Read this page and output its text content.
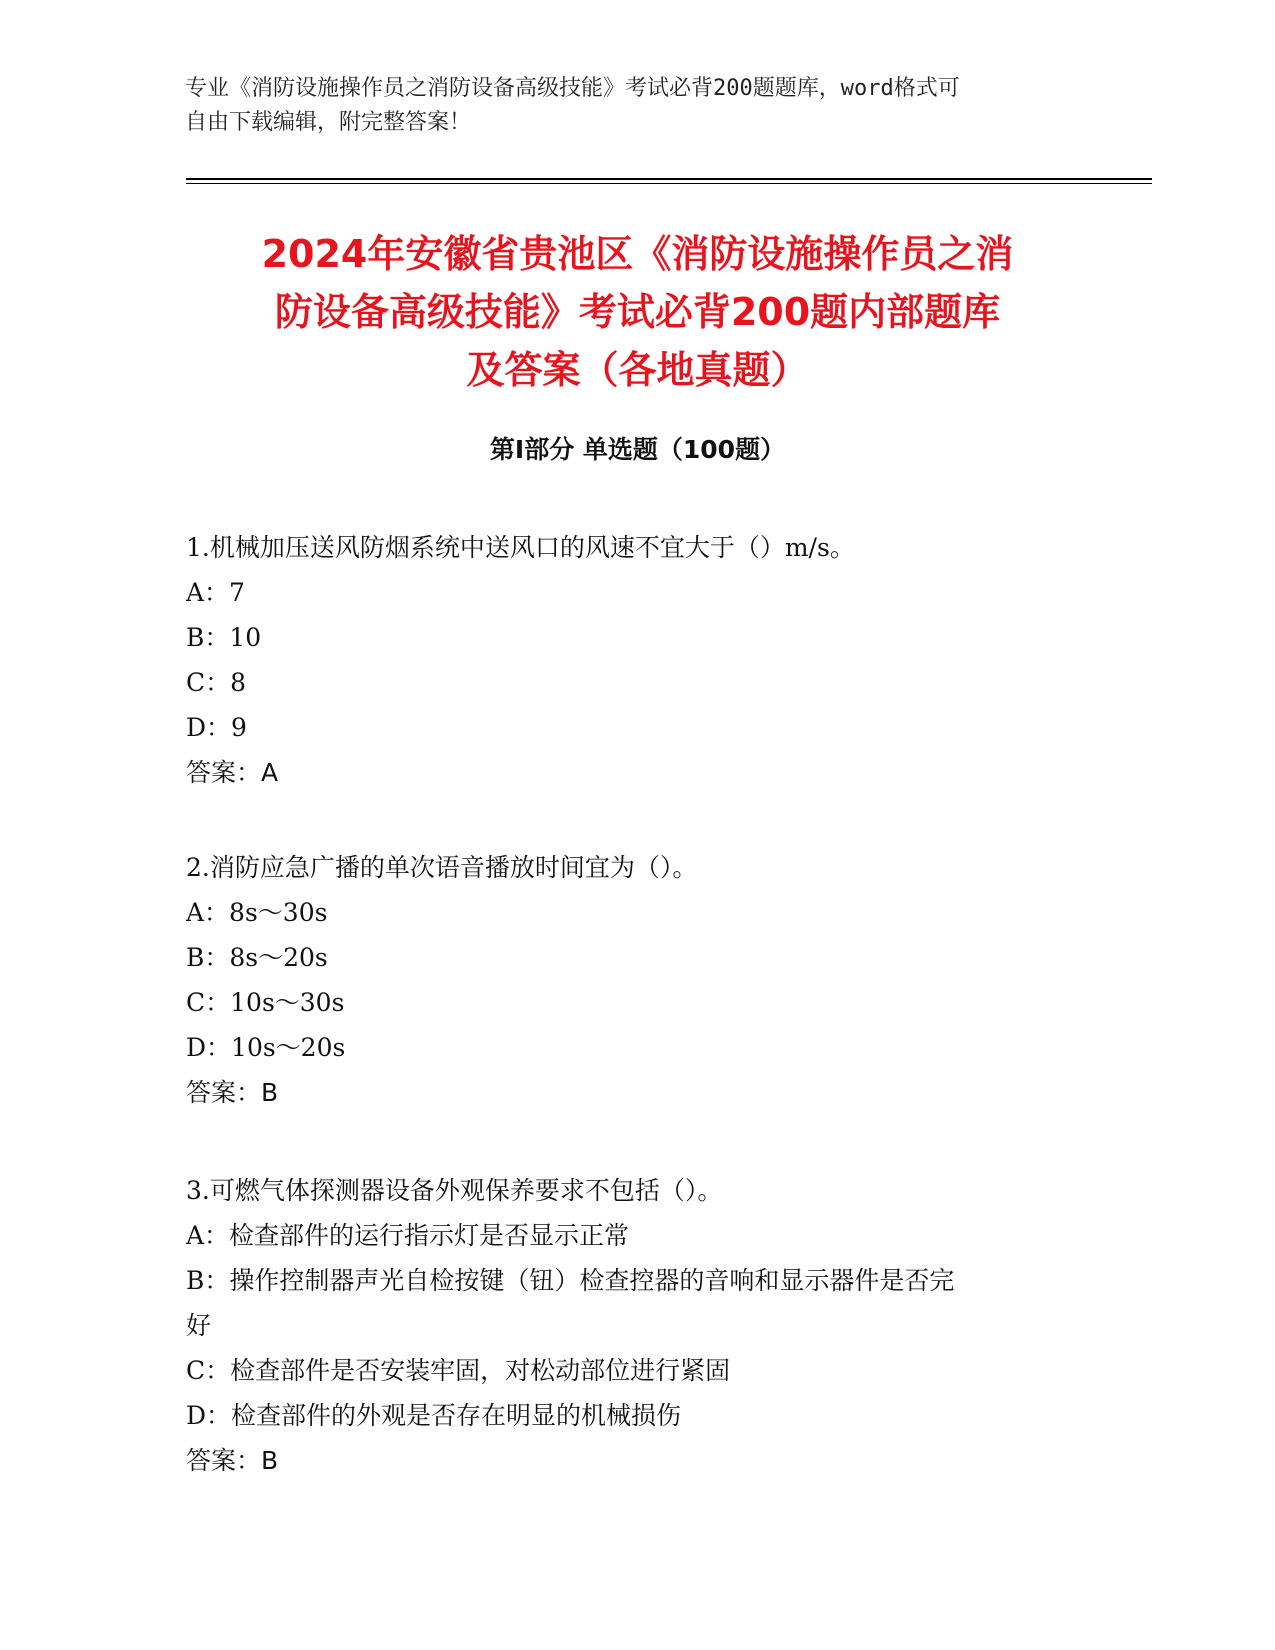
专业《消防设施操作员之消防设备高级技能》考试必背200题题库，word格式可
自由下载编辑，附完整答案！
2024年安徽省贵池区《消防设施操作员之消
防设备高级技能》考试必背200题内部题库
及答案（各地真题）
第Ⅰ部分 单选题（100题）
1.机械加压送风防烟系统中送风口的风速不宜大于（）m/s。
A：7
B：10
C：8
D：9
答案：A
2.消防应急广播的单次语音播放时间宜为（）。
A：8s～30s
B：8s～20s
C：10s～30s
D：10s～20s
答案：B
3.可燃气体探测器设备外观保养要求不包括（）。
A：检查部件的运行指示灯是否显示正常
B：操作控制器声光自检按键（钮）检查控器的音响和显示器件是否完
好
C：检查部件是否安装牢固，对松动部位进行紧固
D：检查部件的外观是否存在明显的机械损伤
答案：B
